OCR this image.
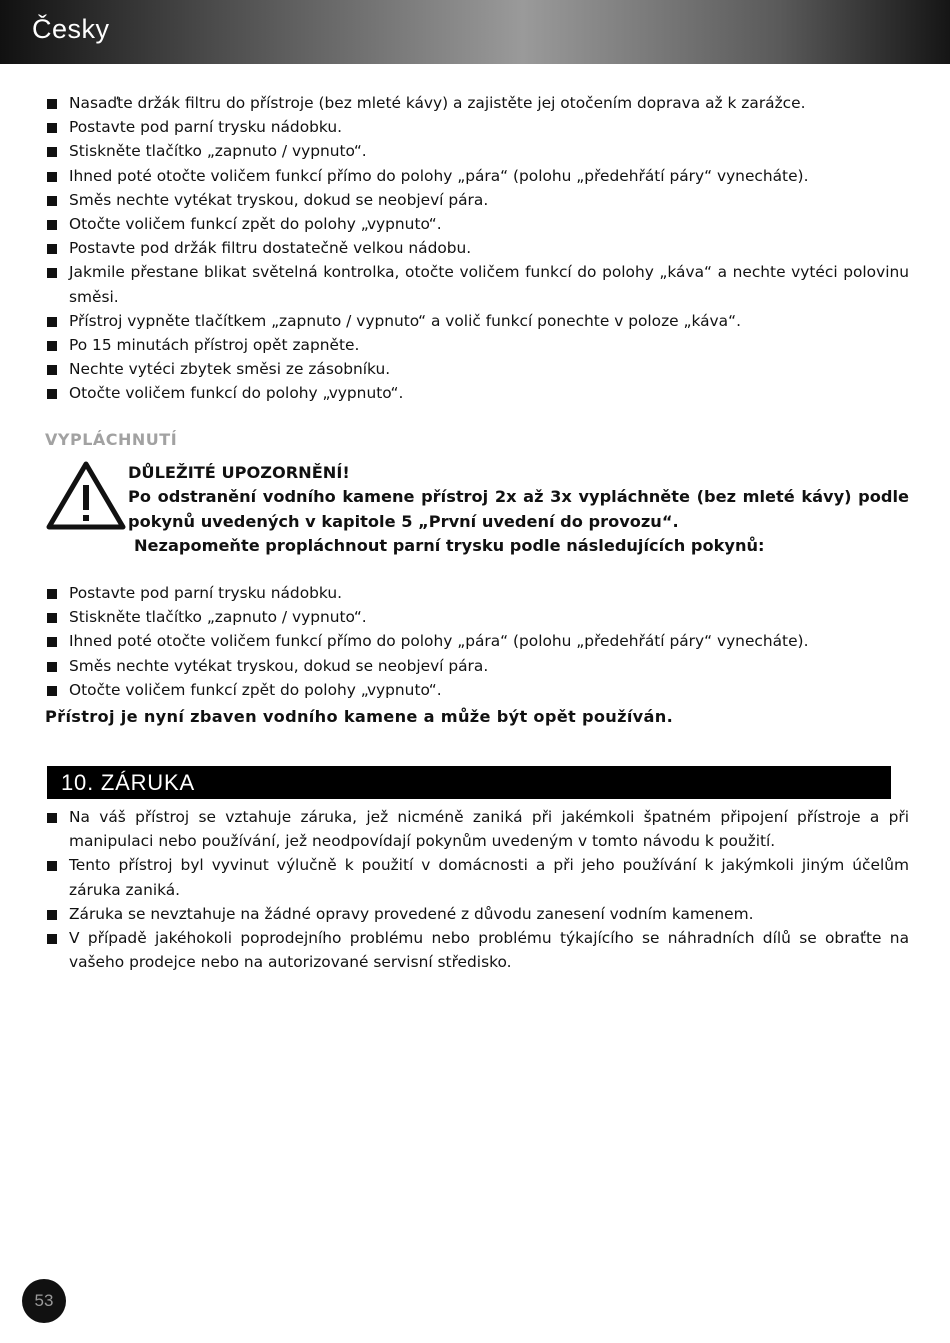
Česky
Nasaďte držák filtru do přístroje (bez mleté kávy) a zajistěte jej otočením doprava až k zarážce.
Postavte pod parní trysku nádobku.
Stiskněte tlačítko „zapnuto / vypnuto“.
Ihned poté otočte voličem funkcí přímo do polohy „pára“ (polohu „předehřátí páry“ vynecháte).
Směs nechte vytékat tryskou, dokud se neobjeví pára.
Otočte voličem funkcí zpět do polohy „vypnuto“.
Postavte pod držák filtru dostatečně velkou nádobu.
Jakmile přestane blikat světelná kontrolka, otočte voličem funkcí do polohy „káva“ a nechte vytéci polovinu směsi.
Přístroj vypněte tlačítkem „zapnuto / vypnuto“ a volič funkcí ponechte v poloze „káva“.
Po 15 minutách přístroj opět zapněte.
Nechte vytéci zbytek směsi ze zásobníku.
Otočte voličem funkcí do polohy „vypnuto“.
VYPLÁCHNUTÍ

DŮLEŽITÉ UPOZORNĚNÍ!

Po odstranění vodního kamene přístroj 2x až 3x vypláchněte (bez mleté kávy) podle pokynů uvedených v kapitole 5 „První uvedení do provozu“.

Nezapomeňte propláchnout parní trysku podle následujících pokynů:

Postavte pod parní trysku nádobku.
Stiskněte tlačítko „zapnuto / vypnuto“.
Ihned poté otočte voličem funkcí přímo do polohy „pára“ (polohu „předehřátí páry“ vynecháte).
Směs nechte vytékat tryskou, dokud se neobjeví pára.
Otočte voličem funkcí zpět do polohy „vypnuto“.
Přístroj je nyní zbaven vodního kamene a může být opět používán.
10. ZÁRUKA
Na váš přístroj se vztahuje záruka, jež nicméně zaniká při jakémkoli špatném připojení přístroje a při manipulaci nebo používání, jež neodpovídají pokynům uvedeným v tomto návodu k použití.
Tento přístroj byl vyvinut výlučně k použití v domácnosti a při jeho používání k jakýmkoli jiným účelům záruka zaniká.
Záruka se nevztahuje na žádné opravy provedené z důvodu zanesení vodním kamenem.
V případě jakéhokoli poprodejního problému nebo problému týkajícího se náhradních dílů se obraťte na vašeho prodejce nebo na autorizované servisní středisko.
53
